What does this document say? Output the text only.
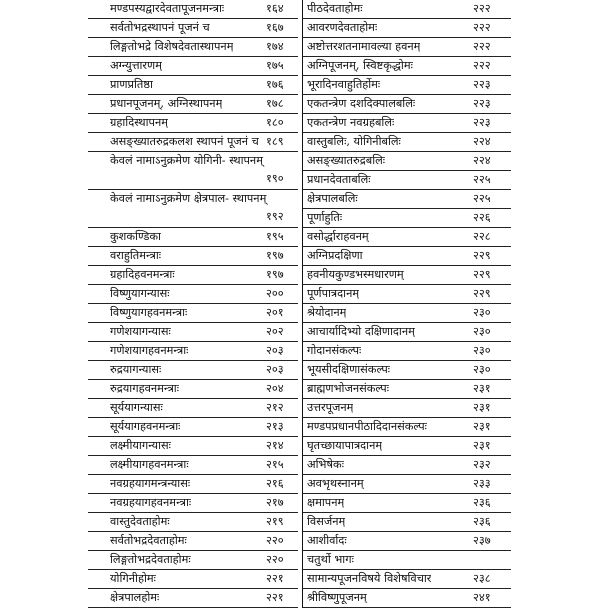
मण्डपस्यद्वारदेवतापूजनमन्त्राः	१६४
सर्वतोभद्रस्थापनं पूजनं च	१६७
लिङ्गतोभद्रे विशेषदेवतास्थापनम्	१७४
अग्न्युत्तारणम्	१७५
प्राणप्रतिष्ठा	१७६
प्रधानपूजनम्, अग्निस्थापनम्	१७८
ग्रहादिस्थापनम्	१८०
असङ्ख्यातरुद्रकलश स्थापनं पूजनं च १८९
केवलं नामाऽनुक्रमेण योगिनी- स्थापनम्
१९०
केवलं नामाऽनुक्रमेण क्षेत्रपाल- स्थापनम्
१९२
कुशकण्डिका	१९५
वराहुतिमन्त्राः	१९७
ग्रहादिहवनमन्त्राः	१९७
विष्णुयागन्यासः	२००
विष्णुयागहवनमन्त्राः	२०१
गणेशयागन्यासः	२०२
गणेशयागहवनमन्त्राः	२०३
रुद्रयागन्यासः	२०३
रुद्रयागहवनमन्त्राः	२०४
सूर्ययागन्यासः	२१२
सूर्ययागहवनमन्त्राः	२१३
लक्ष्मीयागन्यासः	२१४
लक्ष्मीयागहवनमन्त्राः	२१५
नवग्रहयागमन्त्रन्यासः	२१६
नवग्रहयागहवनमन्त्राः	२१७
वास्तुदेवताहोमः	२१९
सर्वतोभद्रदेवताहोमः	२२०
लिङ्गतोभद्रदेवताहोमः	२२०
योगिनीहोमः	२२१
क्षेत्रपालहोमः	२२१
पीठदेवताहोमः	२२२
आवरणदेवताहोमः	२२२
अष्टोत्तरशतनामावल्या हवनम्	२२२
अग्निपूजनम्, स्विष्टकृद्धोमः	२२२
भूरादिनवाहुतिर्होमः	२२३
एकतन्त्रेण दशदिक्पालबलिः	२२३
एकतन्त्रेण नवग्रहबलिः	२२३
वास्तुबलिः, योगिनीबलिः	२२४
असङ्ख्यातरुद्रबलिः	२२४
प्रधानदेवताबलिः	२२५
क्षेत्रपालबलिः	२२५
पूर्णाहुतिः	२२६
वसोर्द्धाराहवनम्	२२८
अग्निप्रदक्षिणा	२२९
हवनीयकुण्डभस्मधारणम्	२२९
पूर्णपात्रदानम्	२२९
श्रेयोदानम्	२३०
आचार्यादिभ्यो दक्षिणादानम्	२३०
गोदानसंकल्पः	२३०
भूयसीदक्षिणासंकल्पः	२३०
ब्राह्मणभोजनसंकल्पः	२३१
उत्तरपूजनम्	२३१
मण्डपप्रधानपीठादिदानसंकल्पः	२३१
घृतच्छायापात्रदानम्	२३१
अभिषेकः	२३२
अवभृथस्नानम्	२३३
क्षमापनम्	२३६
विसर्जनम्	२३६
आशीर्वादः	२३७
चतुर्थो भागः
सामान्यपूजनविषये विशेषविचार	२३८
श्रीविष्णुपूजनम्	२४१
